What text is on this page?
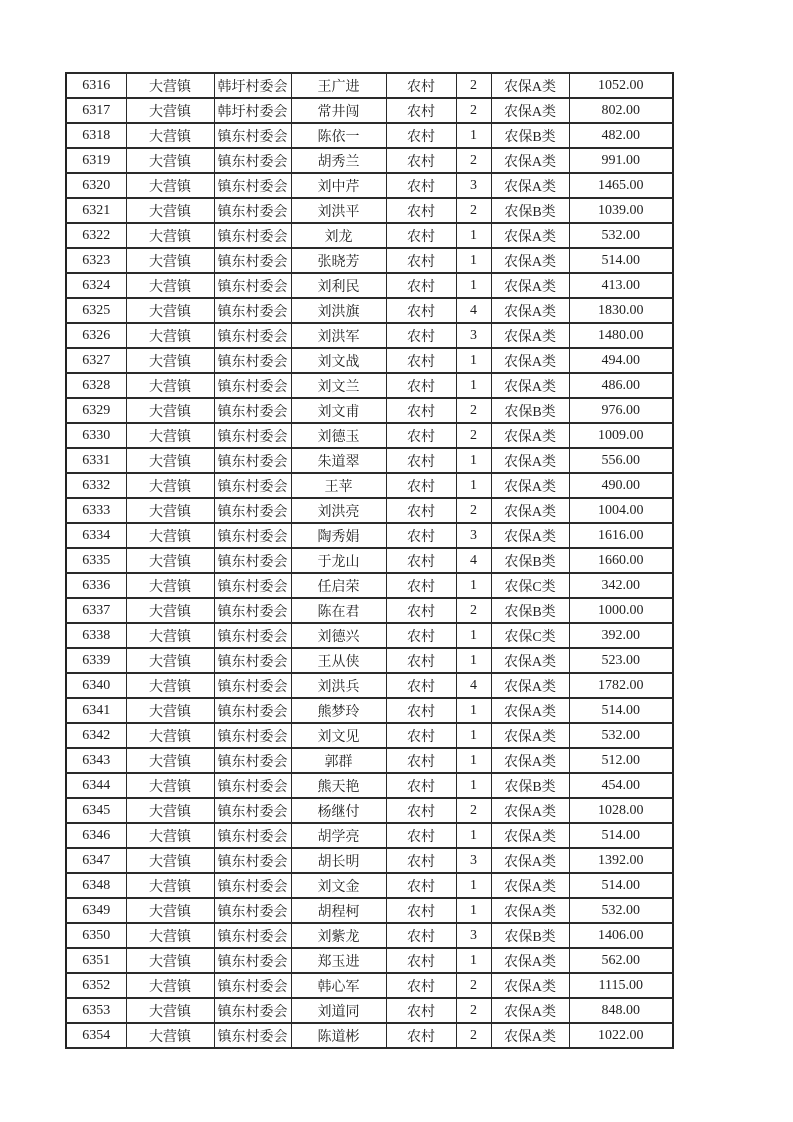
6316	大营镇	韩圩村委会	王广进	农村	2	农保A类	1052.00
6317	大营镇	韩圩村委会	常井闯	农村	2	农保A类	802.00
6318	大营镇	镇东村委会	陈依一	农村	1	农保B类	482.00
6319	大营镇	镇东村委会	胡秀兰	农村	2	农保A类	991.00
6320	大营镇	镇东村委会	刘中芹	农村	3	农保A类	1465.00
6321	大营镇	镇东村委会	刘洪平	农村	2	农保B类	1039.00
6322	大营镇	镇东村委会	刘龙	农村	1	农保A类	532.00
6323	大营镇	镇东村委会	张晓芳	农村	1	农保A类	514.00
6324	大营镇	镇东村委会	刘利民	农村	1	农保A类	413.00
6325	大营镇	镇东村委会	刘洪旗	农村	4	农保A类	1830.00
6326	大营镇	镇东村委会	刘洪军	农村	3	农保A类	1480.00
6327	大营镇	镇东村委会	刘文战	农村	1	农保A类	494.00
6328	大营镇	镇东村委会	刘文兰	农村	1	农保A类	486.00
6329	大营镇	镇东村委会	刘文甫	农村	2	农保B类	976.00
6330	大营镇	镇东村委会	刘德玉	农村	2	农保A类	1009.00
6331	大营镇	镇东村委会	朱道翠	农村	1	农保A类	556.00
6332	大营镇	镇东村委会	王苹	农村	1	农保A类	490.00
6333	大营镇	镇东村委会	刘洪亮	农村	2	农保A类	1004.00
6334	大营镇	镇东村委会	陶秀娟	农村	3	农保A类	1616.00
6335	大营镇	镇东村委会	于龙山	农村	4	农保B类	1660.00
6336	大营镇	镇东村委会	任启荣	农村	1	农保C类	342.00
6337	大营镇	镇东村委会	陈在君	农村	2	农保B类	1000.00
6338	大营镇	镇东村委会	刘德兴	农村	1	农保C类	392.00
6339	大营镇	镇东村委会	王从侠	农村	1	农保A类	523.00
6340	大营镇	镇东村委会	刘洪兵	农村	4	农保A类	1782.00
6341	大营镇	镇东村委会	熊梦玲	农村	1	农保A类	514.00
6342	大营镇	镇东村委会	刘文见	农村	1	农保A类	532.00
6343	大营镇	镇东村委会	郭群	农村	1	农保A类	512.00
6344	大营镇	镇东村委会	熊天艳	农村	1	农保B类	454.00
6345	大营镇	镇东村委会	杨继付	农村	2	农保A类	1028.00
6346	大营镇	镇东村委会	胡学亮	农村	1	农保A类	514.00
6347	大营镇	镇东村委会	胡长明	农村	3	农保A类	1392.00
6348	大营镇	镇东村委会	刘文金	农村	1	农保A类	514.00
6349	大营镇	镇东村委会	胡程柯	农村	1	农保A类	532.00
6350	大营镇	镇东村委会	刘紫龙	农村	3	农保B类	1406.00
6351	大营镇	镇东村委会	郑玉进	农村	1	农保A类	562.00
6352	大营镇	镇东村委会	韩心军	农村	2	农保A类	1115.00
6353	大营镇	镇东村委会	刘道同	农村	2	农保A类	848.00
6354	大营镇	镇东村委会	陈道彬	农村	2	农保A类	1022.00
